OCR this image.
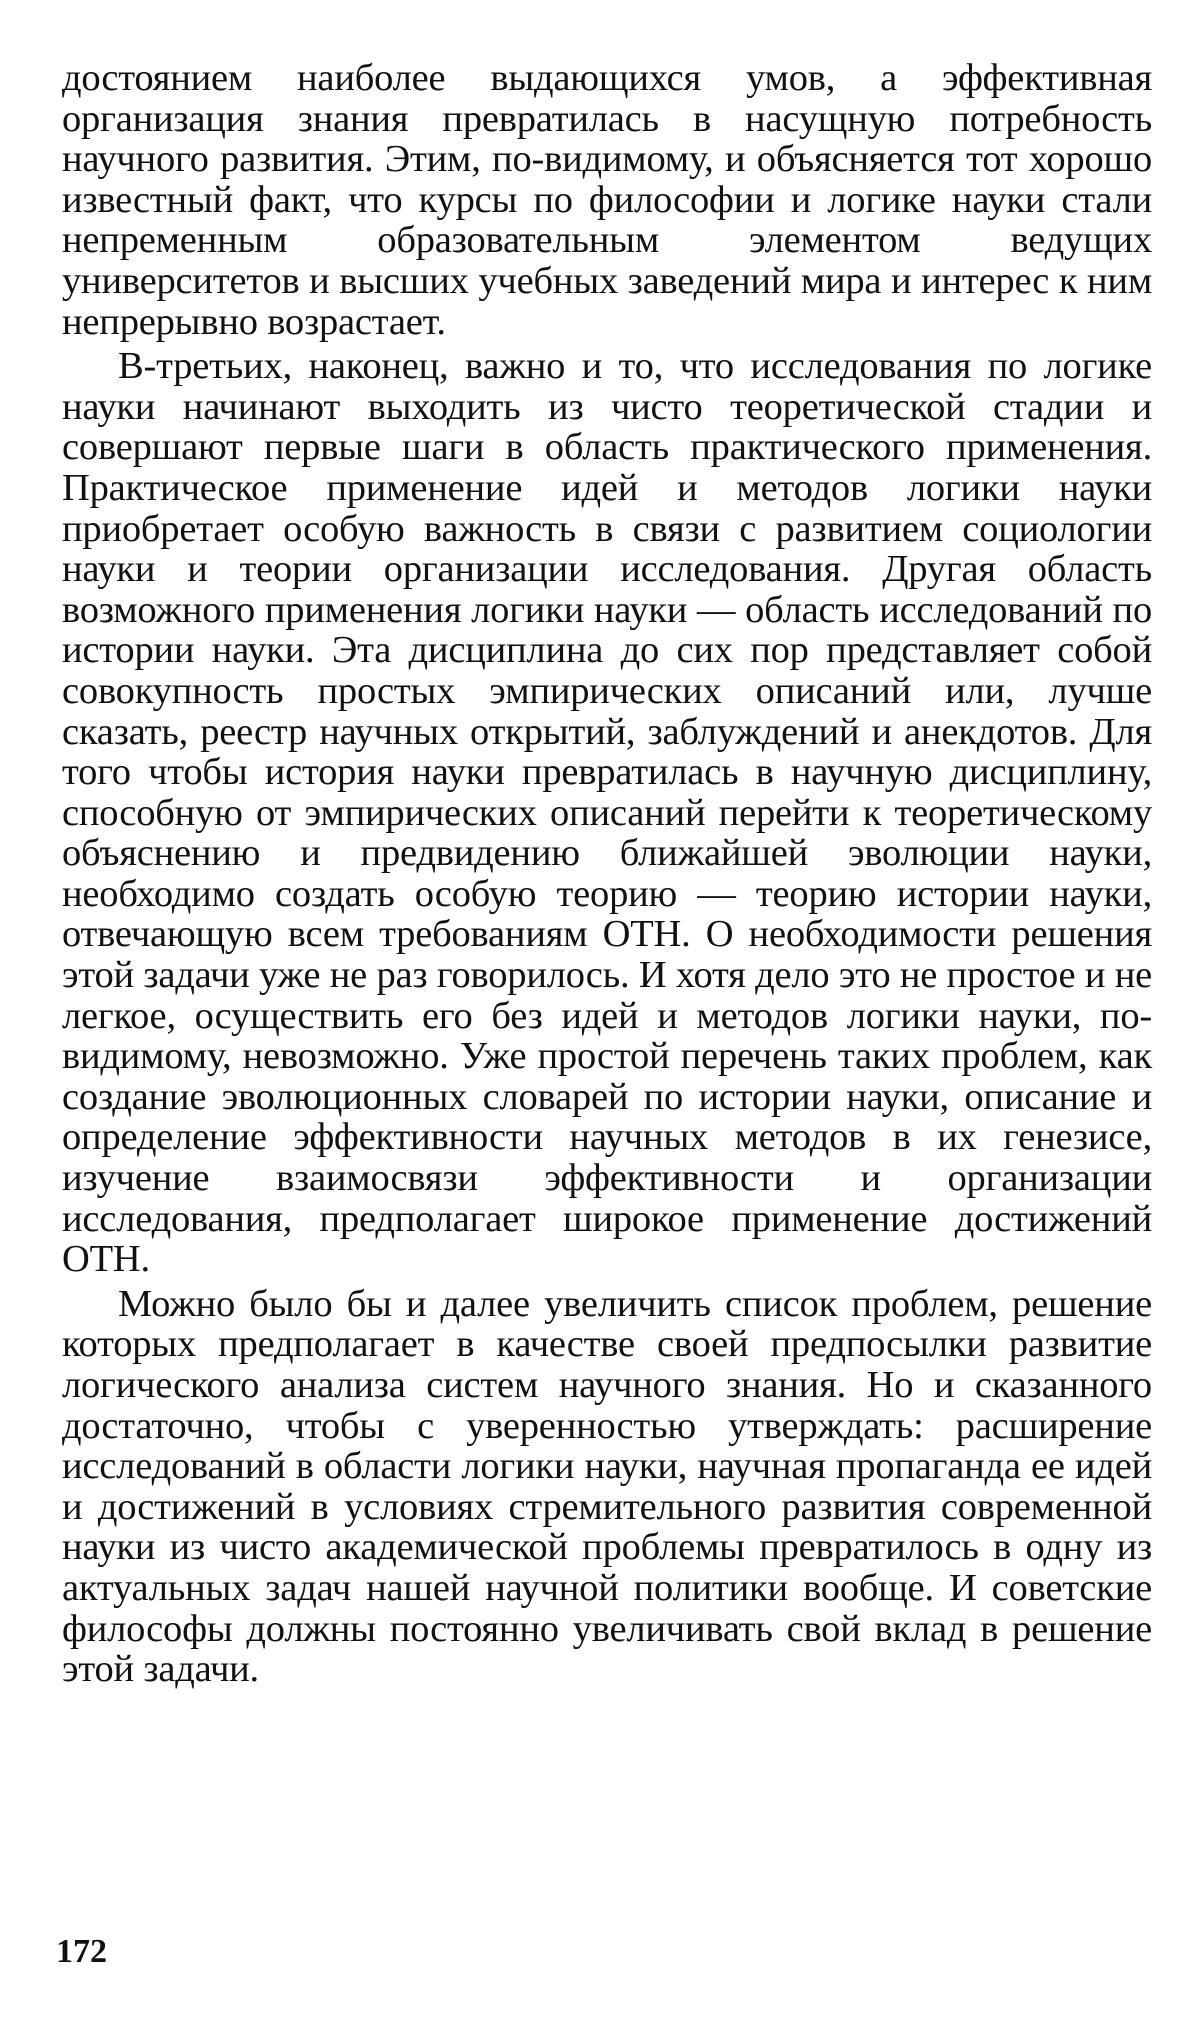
достоянием наиболее выдающихся умов, а эффективная организация знания превратилась в насущную потребность научного развития. Этим, по-видимому, и объясняется тот хорошо известный факт, что курсы по философии и логике науки стали непременным образовательным элементом ведущих университетов и высших учебных заведений мира и интерес к ним непрерывно возрастает.

В-третьих, наконец, важно и то, что исследования по логике науки начинают выходить из чисто теоретической стадии и совершают первые шаги в область практического применения. Практическое применение идей и методов логики науки приобретает особую важность в связи с развитием социологии науки и теории организации исследования. Другая область возможного применения логики науки — область исследований по истории науки. Эта дисциплина до сих пор представляет собой совокупность простых эмпирических описаний или, лучше сказать, реестр научных открытий, заблуждений и анекдотов. Для того чтобы история науки превратилась в научную дисциплину, способную от эмпирических описаний перейти к теоретическому объяснению и предвидению ближайшей эволюции науки, необходимо создать особую теорию — теорию истории науки, отвечающую всем требованиям ОТН. О необходимости решения этой задачи уже не раз говорилось. И хотя дело это не простое и не легкое, осуществить его без идей и методов логики науки, по-видимому, невозможно. Уже простой перечень таких проблем, как создание эволюционных словарей по истории науки, описание и определение эффективности научных методов в их генезисе, изучение взаимосвязи эффективности и организации исследования, предполагает широкое применение достижений ОТН.

Можно было бы и далее увеличить список проблем, решение которых предполагает в качестве своей предпосылки развитие логического анализа систем научного знания. Но и сказанного достаточно, чтобы с уверенностью утверждать: расширение исследований в области логики науки, научная пропаганда ее идей и достижений в условиях стремительного развития современной науки из чисто академической проблемы превратилось в одну из актуальных задач нашей научной политики вообще. И советские философы должны постоянно увеличивать свой вклад в решение этой задачи.

172
